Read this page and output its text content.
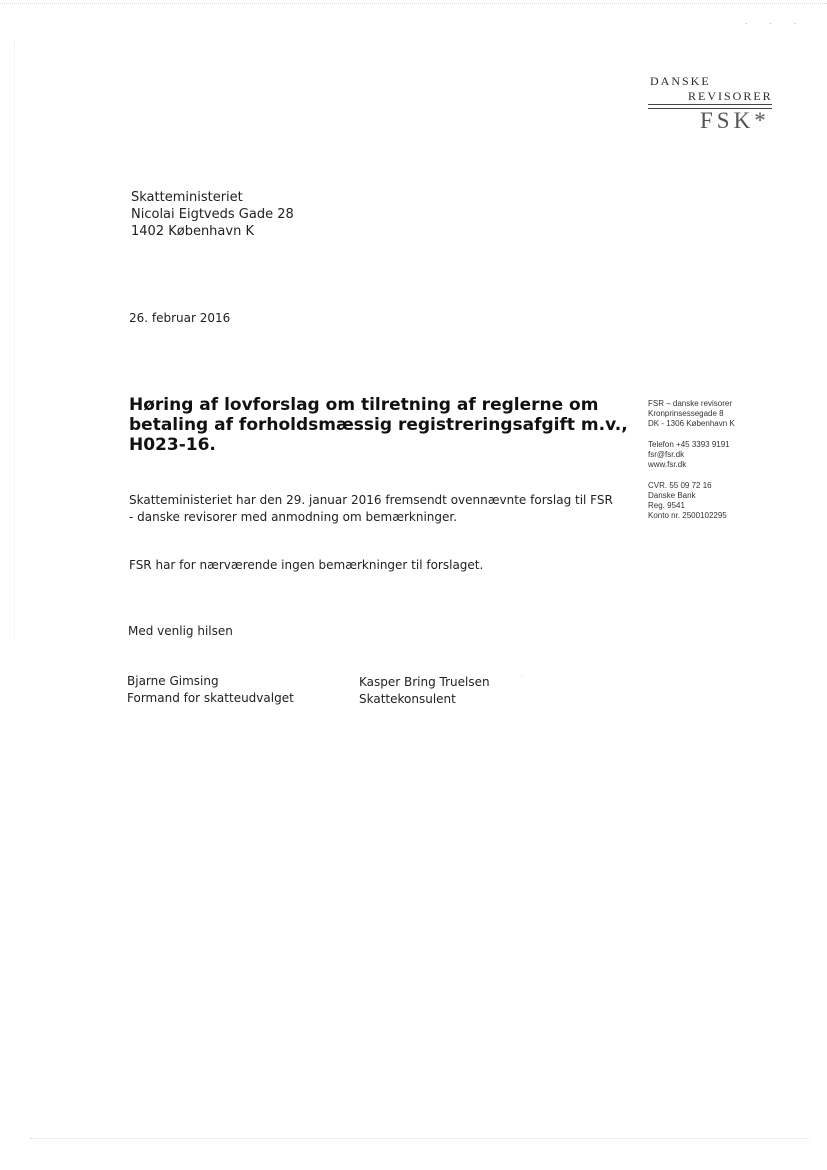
· · ·
DANSKE
REVISORER
FSK*
Skatteministeriet
Nicolai Eigtveds Gade 28
1402 København K
26. februar 2016
Høring af lovforslag om tilretning af reglerne om betaling af forholdsmæssig registreringsafgift m.v., H023-16.
Skatteministeriet har den 29. januar 2016 fremsendt ovennævnte forslag til FSR - danske revisorer med anmodning om bemærkninger.
FSR har for nærværende ingen bemærkninger til forslaget.
FSR – danske revisorer
Kronprinsessegade 8
DK - 1306 København K
Telefon +45 3393 9191
fsr@fsr.dk
www.fsr.dk
CVR. 55 09 72 16
Danske Bank
Reg. 9541
Konto nr. 2500102295
Med venlig hilsen
Bjarne Gimsing
Formand for skatteudvalget
Kasper Bring Truelsen
Skattekonsulent
·
